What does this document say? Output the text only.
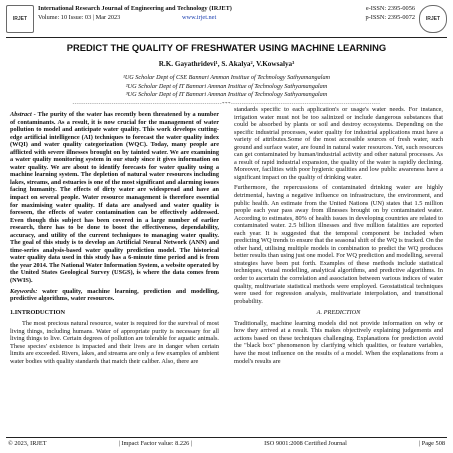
IRJET
International Research Journal of Engineering and Technology (IRJET)
Volume: 10 Issue: 03 | Mar 2023	www.irjet.net
e-ISSN: 2395-0056
p-ISSN: 2395-0072	IRJET
PREDICT THE QUALITY OF FRESHWATER USING MACHINE LEARNING
R.K. Gayathridevi¹, S. Akalya², V.Kowsalya³
¹UG Scholar Dept of CSE Bannari Amman Institue of Technology Sathyamangalam
²UG Scholar Dept of IT Bannari Amman Institue of Technology Sathyamangalam
³UG Scholar Dept of IT Bannari Amman Institue of Technology Sathyamangalam
---------------------------------------------------------------------***---------------------------------------------------------------------

Abstract - The purity of the water has recently been threatened by a number of contaminants. As a result, it is now crucial for the management of water pollution to model and anticipate water quality. This work develops cutting-edge artificial intelligence (AI) techniques to forecast the water quality index (WQI) and water quality categorization (WQC). Today, many people are afflicted with severe illnesses brought on by tainted water. We are examining a water quality monitoring system in our study since it gives information on water quality. We are about to identify forecasts for water quality using a machine learning system. The depletion of natural water resources including lakes, streams, and estuaries is one of the most significant and alarming issues facing humanity. The effects of dirty water are widespread and have an impact on several people. Water resource management is therefore essential for maximising water quality. If data are analysed and water quality is foreseen, the effects of water contamination can be effectively addressed. Even though this subject has been covered in a large number of earlier research, there has to be done to boost the effectiveness, dependability, accuracy, and utility of the current techniques to managing water quality. The goal of this study is to develop an Artificial Neural Network (ANN) and time-series analysis-based water quality prediction model. The historical water quality data used in this study has a 6-minute time period and is from the year 2014. The National Water Information System, a website operated by the United States Geological Survey (USGS), is where the data comes from (NWIS).

Keywords: water quality, machine learning, prediction and modelling, predictive algorithms, water resources.

1.INTRODUCTION

The most precious natural resource, water is required for the survival of most living things, including humans. Water of appropriate purity is necessary for all living things to live. Certain degrees of pollution are tolerable for aquatic animals. These species' existence is impacted and their lives are in danger when certain limits are exceeded. Rivers, lakes, and streams are only a few examples of ambient water bodies with quality standards that match their caliber. Also, there are

standards specific to each application's or usage's water needs. For instance, irrigation water must not be too salinized or include dangerous substances that could be absorbed by plants or soil and destroy ecosystems. Depending on the specific industrial processes, water quality for industrial applications must have a variety of attributes.Some of the most accessible sources of fresh water, such ground and surface water, are found in natural water resources. Yet, such resources can get contaminated by human/industrial activity and other natural processes. As a result of rapid industrial expansion, the quality of the water is rapidly declining. Moreover, facilities with poor hygienic qualities and low public awareness have a significant impact on the quality of drinking water.

Furthermore, the repercussions of contaminated drinking water are highly detrimental, having a negative influence on infrastructure, the environment, and public health. An estimate from the United Nations (UN) states that 1.5 million people each year pass away from illnesses brought on by contaminated water. According to estimates, 80% of health issues in developing countries are related to contaminated water. 2.5 billion illnesses and five million fatalities are reported each year. It is suggested that the temporal component be included when predicting WQ trends to ensure that the seasonal shift of the WQ is tracked. On the other hand, utilising multiple models in combination to predict the WQ produces better results than using just one model. For WQ prediction and modelling, several strategies have been put forth. Examples of these methods include statistical techniques, visual modelling, analytical algorithms, and predictive algorithms. In order to ascertain the correlation and association between various indices of water quality, multivariate statistical methods were employed. Geostatistical techniques were used for regression analysis, multivariate interpolation, and transitional probability.

A. PREDICTION

Traditionally, machine learning models did not provide information on why or how they arrived at a result. This makes objectively explaining judgements and actions based on these techniques challenging. Explanations for prediction avoid the "black box" phenomenon by clarifying which qualities, or feature variables, have the most influence on the results of a model. When the explanations from a model's results are

© 2023, IRJET	| Impact Factor value: 8.226 |	ISO 9001:2008 Certified Journal	| Page 508
